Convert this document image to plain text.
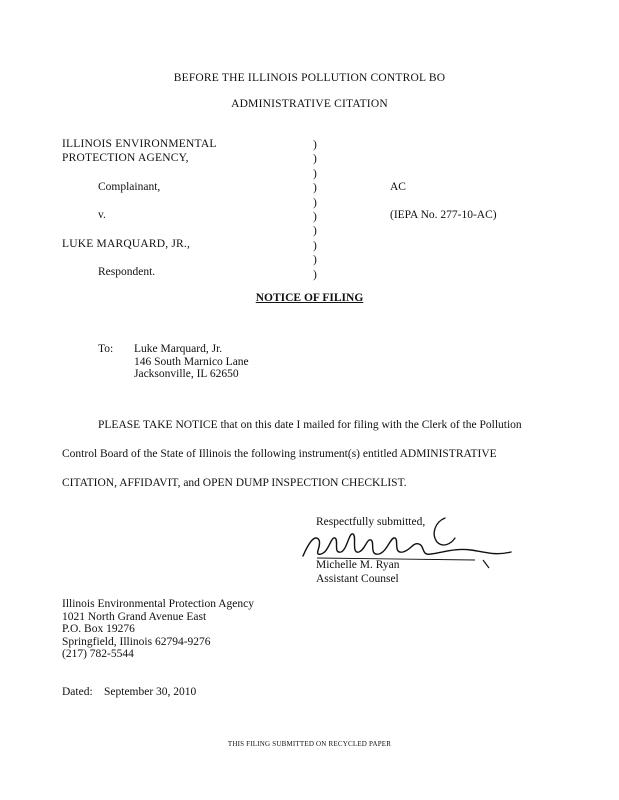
BEFORE THE ILLINOIS POLLUTION CONTROL BO
ADMINISTRATIVE CITATION
ILLINOIS ENVIRONMENTAL
PROTECTION AGENCY,
Complainant,
v.
LUKE MARQUARD, JR.,
Respondent.
)
)
)
)
)
)
)
)
)
)
AC
(IEPA No. 277-10-AC)
NOTICE OF FILING
To: Luke Marquard, Jr.
146 South Marnico Lane
Jacksonville, IL 62650
PLEASE TAKE NOTICE that on this date I mailed for filing with the Clerk of the Pollution
Control Board of the State of Illinois the following instrument(s) entitled ADMINISTRATIVE
CITATION, AFFIDAVIT, and OPEN DUMP INSPECTION CHECKLIST.
Respectfully submitted,
Michelle M. Ryan
Assistant Counsel
Illinois Environmental Protection Agency
1021 North Grand Avenue East
P.O. Box 19276
Springfield, Illinois 62794-9276
(217) 782-5544
Dated: September 30, 2010
THIS FILING SUBMITTED ON RECYCLED PAPER
